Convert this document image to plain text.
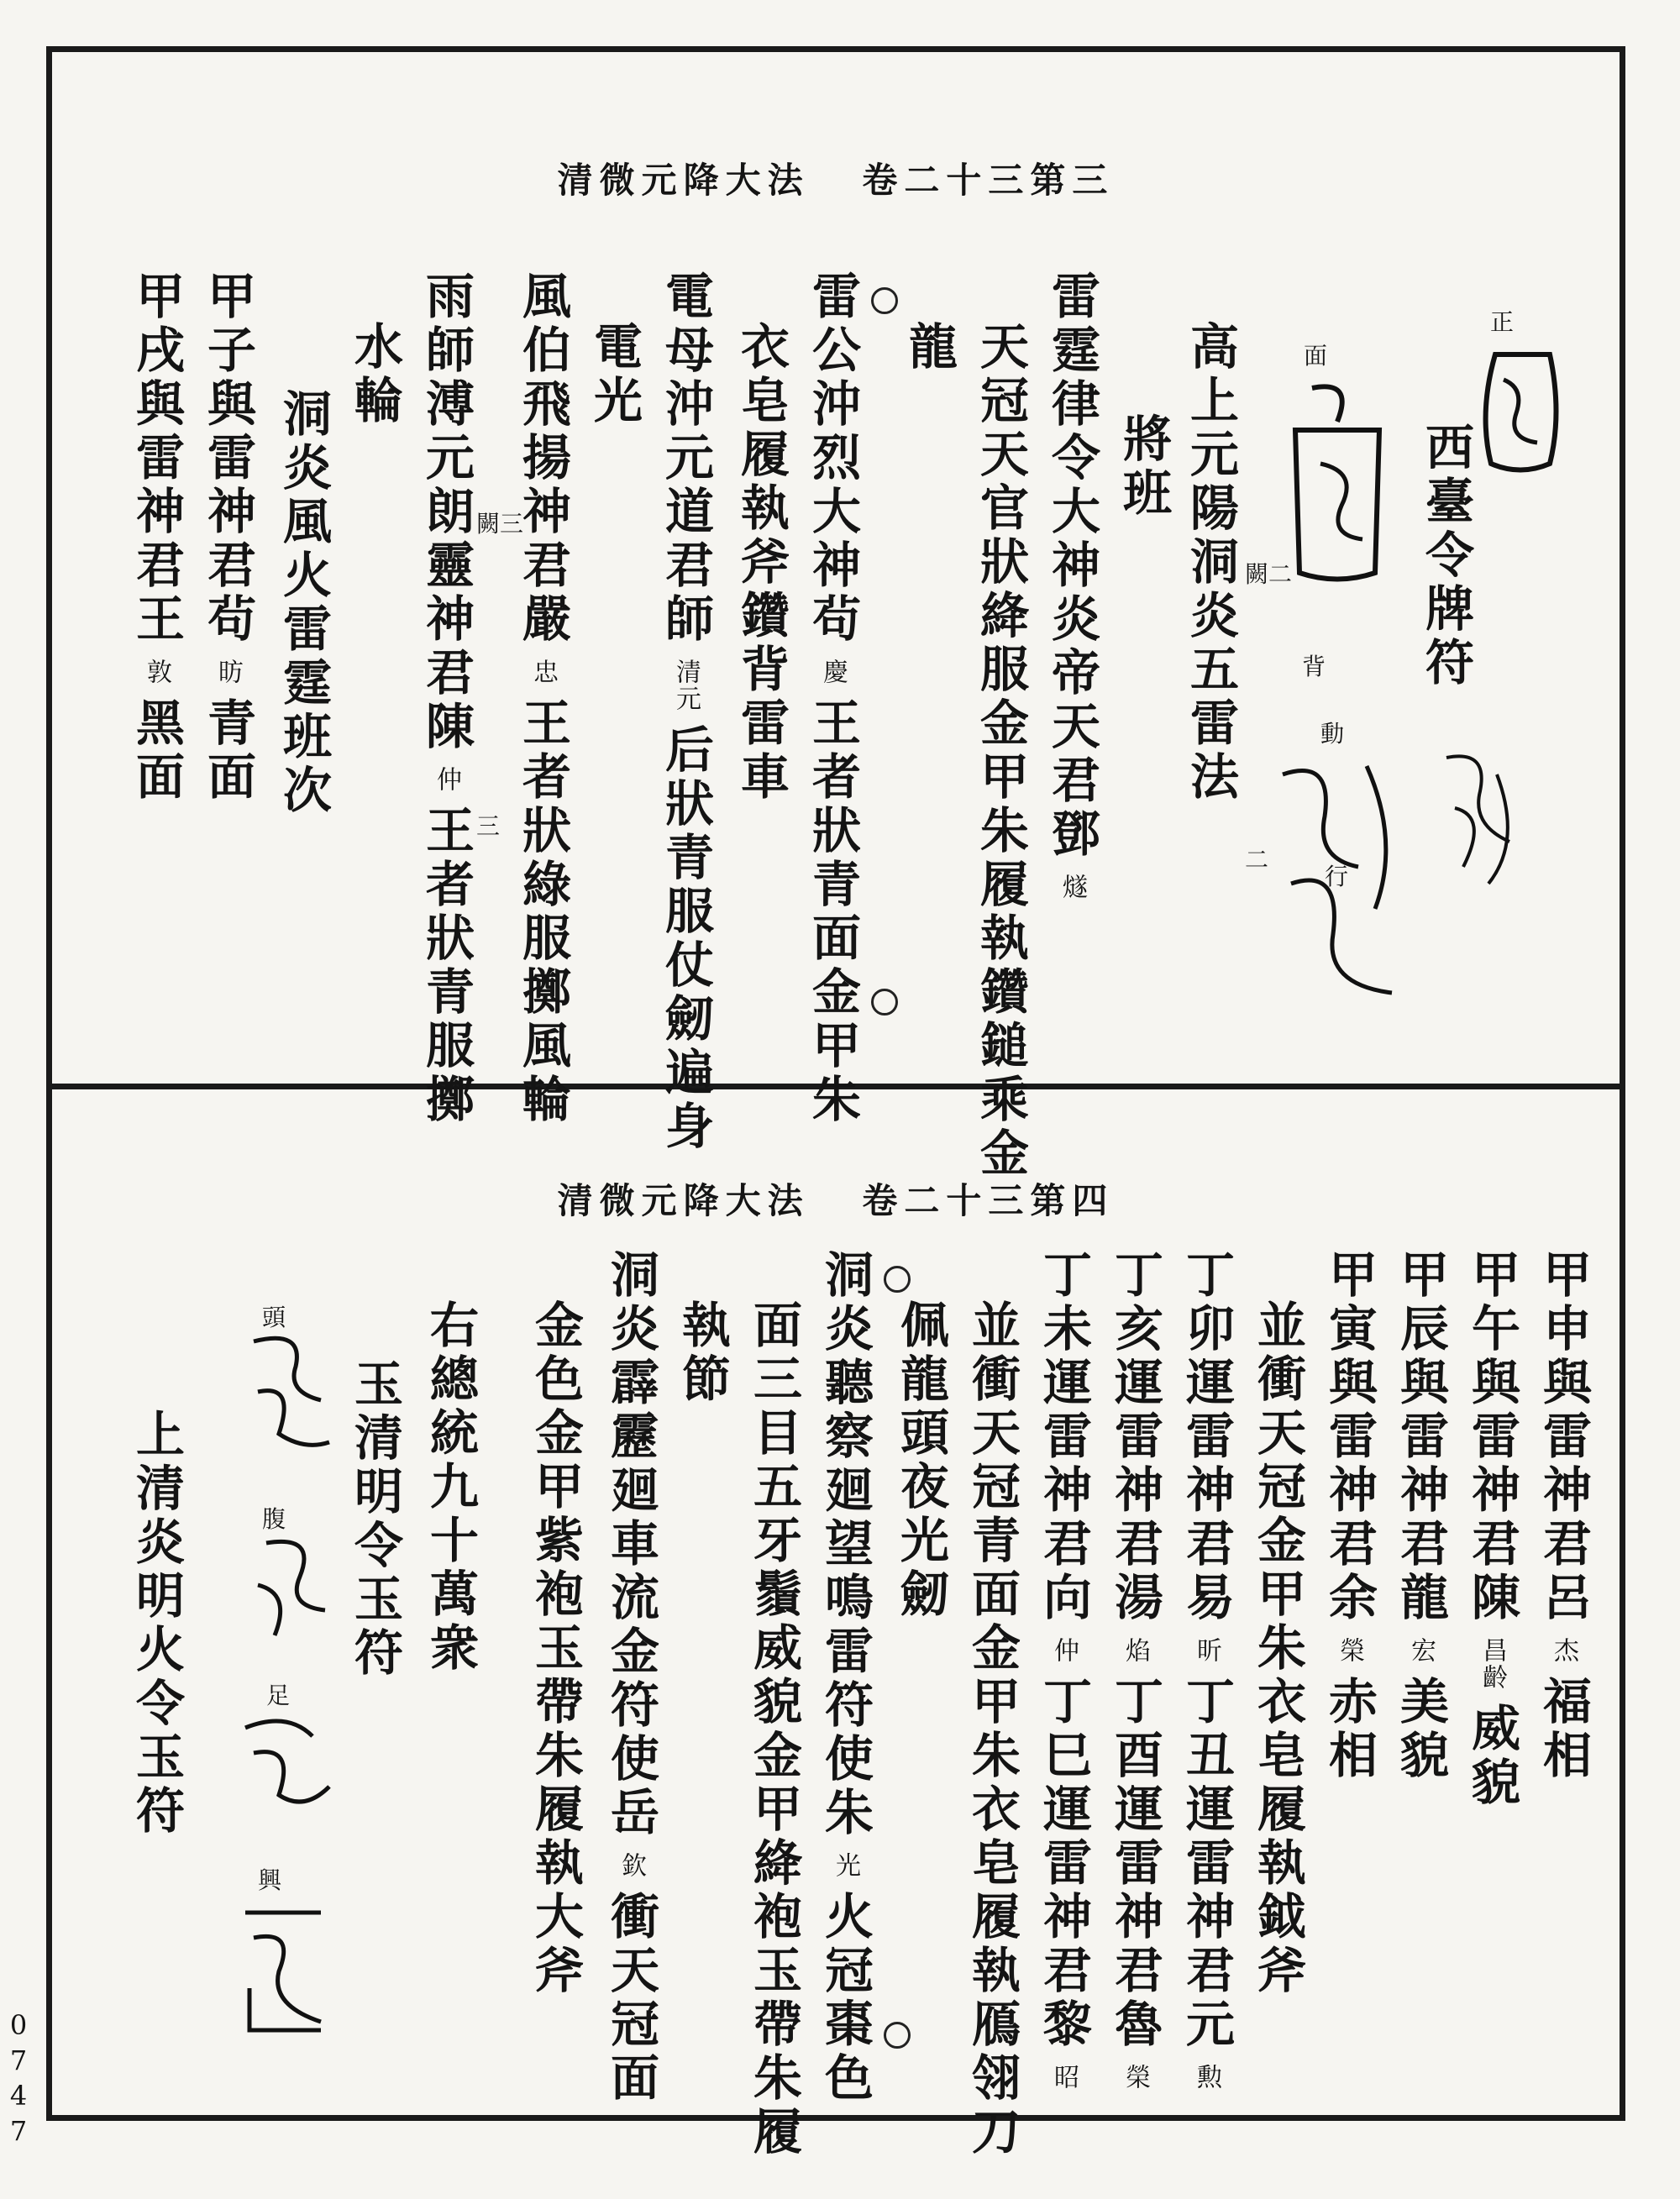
0
7
4
7
清微元降大法 卷二十三第三
正
西臺令牌符
面
背
動
行
二
高上元陽洞炎五雷法 闕二
將班
雷霆律令大神炎帝天君鄧燧
天冠天官狀絳服金甲朱履執鑽鎚乘金
龍
雷公沖烈大神茍慶王者狀青面金甲朱
衣皂履執斧鑽背雷車
電母沖元道君師清元后狀青服仗劒遍身
電光
風伯飛揚神君嚴忠王者狀綠服擲風輪
闕三
三
雨師溥元朗靈神君陳仲王者狀青服擲
水輪
洞炎風火雷霆班次
甲子與雷神君茍昉青面
甲戌與雷神君王敦黑面
清微元降大法 卷二十三第四
甲申與雷神君呂杰福相
甲午與雷神君陳昌齡威貌
甲辰與雷神君龍宏美貌
甲寅與雷神君余榮赤相
並衝天冠金甲朱衣皂履執鉞斧
丁卯運雷神君易昕丁丑運雷神君元勲
丁亥運雷神君湯焰丁酉運雷神君魯榮
丁未運雷神君向仲丁巳運雷神君黎昭
並衝天冠青面金甲朱衣皂履執鴈翎刀
佩龍頭夜光劒
洞炎聽察廻望鳴雷符使朱光火冠棗色
面三目五牙鬚威貌金甲絳袍玉帶朱履
執節
洞炎霹靂廻車流金符使岳欽衝天冠面
金色金甲紫袍玉帶朱履執大斧
右總統九十萬衆
玉清明令玉符
頭
腹
足
興
上清炎明火令玉符
